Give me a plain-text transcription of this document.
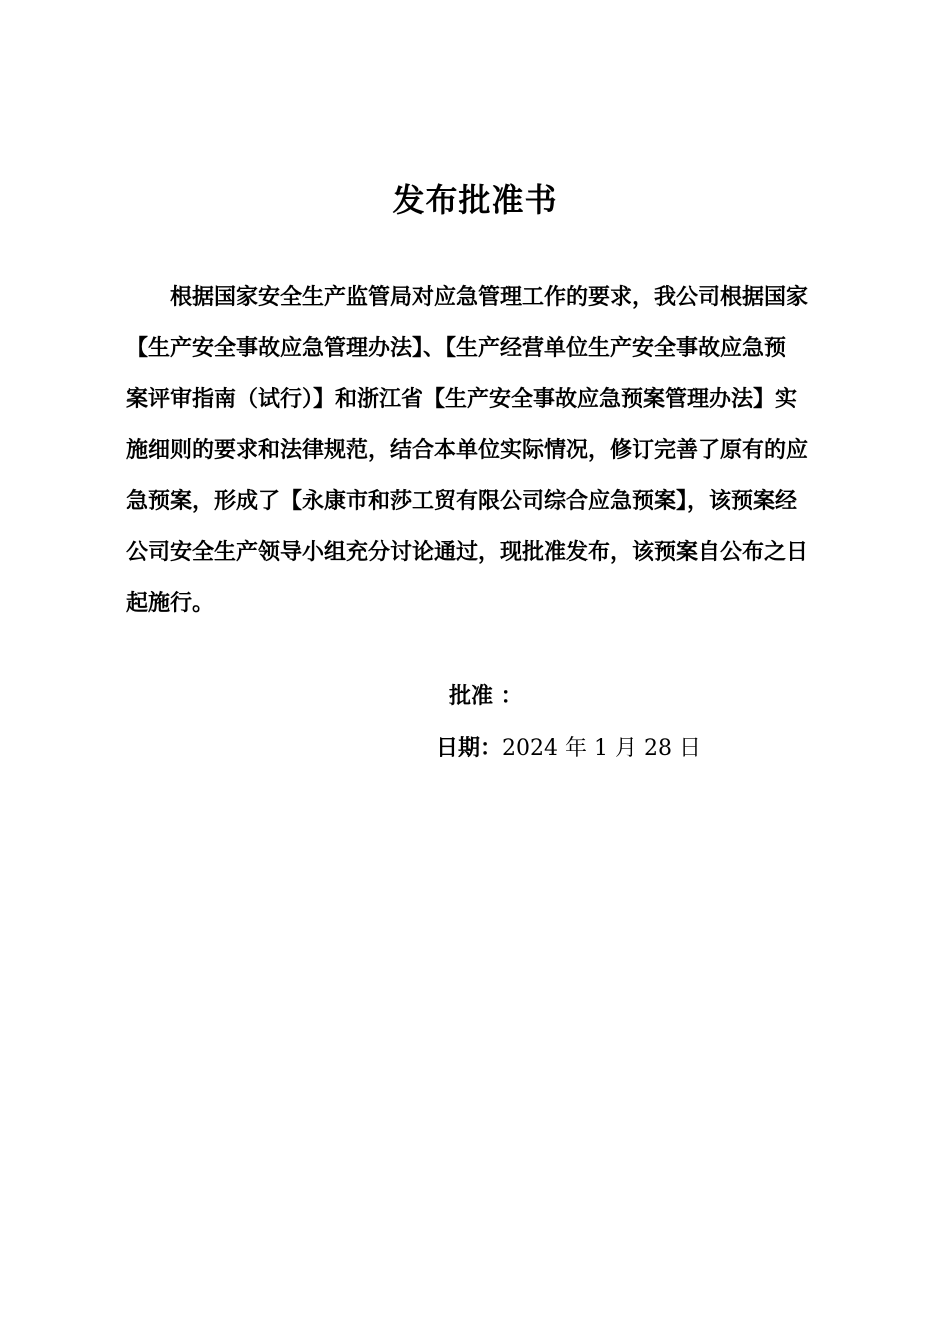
发布批准书

根据国家安全生产监管局对应急管理工作的要求，我公司根据国家
【生产安全事故应急管理办法】、【生产经营单位生产安全事故应急预
案评审指南（试行）】和浙江省【生产安全事故应急预案管理办法】实
施细则的要求和法律规范，结合本单位实际情况，修订完善了原有的应
急预案，形成了【永康市和莎工贸有限公司综合应急预案】，该预案经
公司安全生产领导小组充分讨论通过，现批准发布，该预案自公布之日
起施行。

批准 ：
日期：2024 年 1 月 28 日
